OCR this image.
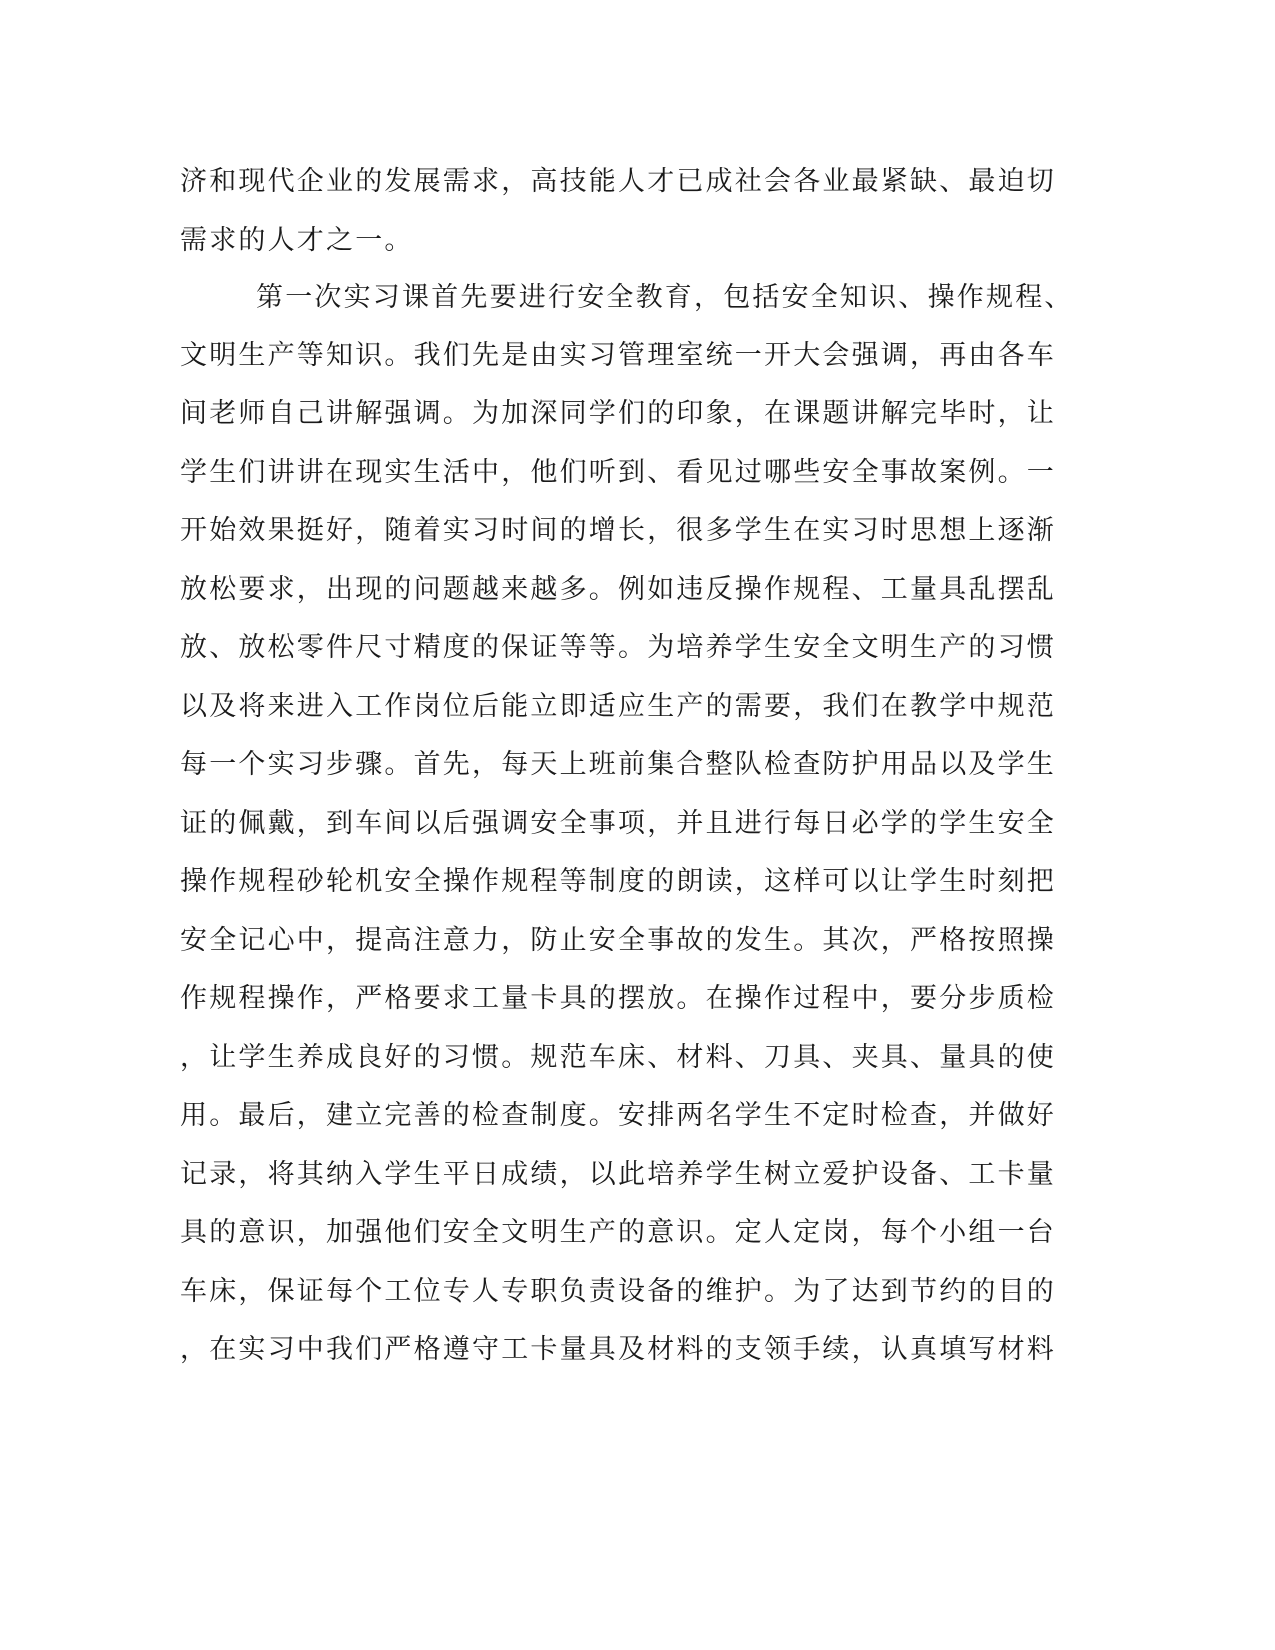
济和现代企业的发展需求，高技能人才已成社会各业最紧缺、最迫切
需求的人才之一。
第一次实习课首先要进行安全教育，包括安全知识、操作规程、
文明生产等知识。我们先是由实习管理室统一开大会强调，再由各车
间老师自己讲解强调。为加深同学们的印象，在课题讲解完毕时，让
学生们讲讲在现实生活中，他们听到、看见过哪些安全事故案例。一
开始效果挺好，随着实习时间的增长，很多学生在实习时思想上逐渐
放松要求，出现的问题越来越多。例如违反操作规程、工量具乱摆乱
放、放松零件尺寸精度的保证等等。为培养学生安全文明生产的习惯
以及将来进入工作岗位后能立即适应生产的需要，我们在教学中规范
每一个实习步骤。首先，每天上班前集合整队检查防护用品以及学生
证的佩戴，到车间以后强调安全事项，并且进行每日必学的学生安全
操作规程砂轮机安全操作规程等制度的朗读，这样可以让学生时刻把
安全记心中，提高注意力，防止安全事故的发生。其次，严格按照操
作规程操作，严格要求工量卡具的摆放。在操作过程中，要分步质检
，让学生养成良好的习惯。规范车床、材料、刀具、夹具、量具的使
用。最后，建立完善的检查制度。安排两名学生不定时检查，并做好
记录，将其纳入学生平日成绩，以此培养学生树立爱护设备、工卡量
具的意识，加强他们安全文明生产的意识。定人定岗，每个小组一台
车床，保证每个工位专人专职负责设备的维护。为了达到节约的目的
，在实习中我们严格遵守工卡量具及材料的支领手续，认真填写材料
